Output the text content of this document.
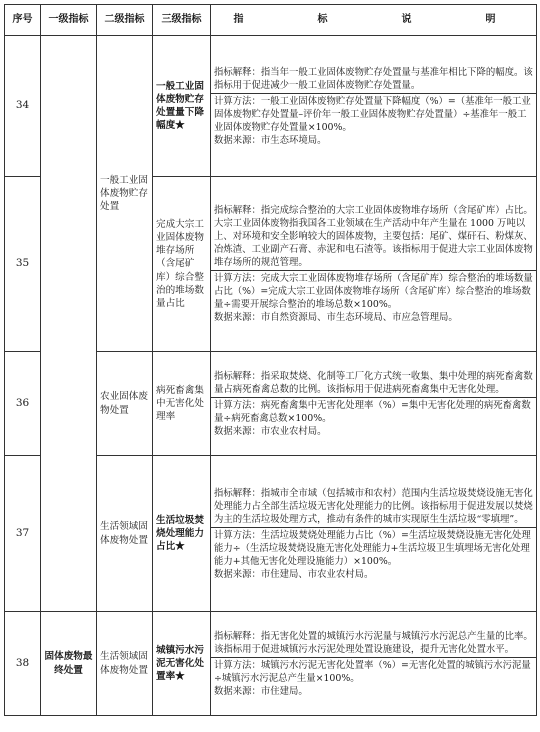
序号	一级指标	二级指标	三级指标	指　　标　　说　　明
34		一般工业固体废物贮存处置	一般工业固体废物贮存处置量下降幅度★	指标解释：指当年一般工业固体废物贮存处置量与基准年相比下降的幅度。该指标用于促进减少一般工业固体废物贮存处置量。
计算方法：一般工业固体废物贮存处置量下降幅度（%）=（基准年一般工业固体废物贮存处置量–评价年一般工业固体废物贮存处置量）÷基准年一般工业固体废物贮存处置量×100%。
数据来源：市生态环境局。

35			完成大宗工业固体废物堆存场所（含尾矿库）综合整治的堆场数量占比	指标解释：指完成综合整治的大宗工业固体废物堆存场所（含尾矿库）占比。大宗工业固体废物指我国各工业领域在生产活动中年产生量在 1000 万吨以上、对环境和安全影响较大的固体废物，主要包括：尾矿、煤矸石、粉煤灰、冶炼渣、工业副产石膏、赤泥和电石渣等。该指标用于促进大宗工业固体废物堆存场所的规范管理。
计算方法：完成大宗工业固体废物堆存场所（含尾矿库）综合整治的堆场数量占比（%）=完成大宗工业固体废物堆存场所（含尾矿库）综合整治的堆场数量÷需要开展综合整治的堆场总数×100%。
数据来源：市自然资源局、市生态环境局、市应急管理局。

36		农业固体废物处置	病死畜禽集中无害化处理率	指标解释：指采取焚烧、化制等工厂化方式统一收集、集中处理的病死畜禽数量占病死畜禽总数的比例。该指标用于促进病死畜禽集中无害化处理。
计算方法：病死畜禽集中无害化处理率（%）=集中无害化处理的病死畜禽数量÷病死畜禽总数×100%。
数据来源：市农业农村局。

37		生活领域固体废物处置	生活垃圾焚烧处理能力占比★	指标解释：指城市全市域（包括城市和农村）范围内生活垃圾焚烧设施无害化处理能力占全部生活垃圾无害化处理能力的比例。该指标用于促进发展以焚烧为主的生活垃圾处理方式，推动有条件的城市实现原生生活垃圾“零填埋”。
计算方法：生活垃圾焚烧处理能力占比（%）=生活垃圾焚烧设施无害化处理能力÷（生活垃圾焚烧设施无害化处理能力+生活垃圾卫生填埋场无害化处理能力+其他无害化处理设施能力）×100%。
数据来源：市住建局、市农业农村局。

38	固体废物最终处置	生活领域固体废物处置	城镇污水污泥无害化处置率★	指标解释：指无害化处置的城镇污水污泥量与城镇污水污泥总产生量的比率。该指标用于促进城镇污水污泥处理处置设施建设，提升无害化处置水平。
计算方法：城镇污水污泥无害化处置率（%）=无害化处置的城镇污水污泥量÷城镇污水污泥总产生量×100%。
数据来源：市住建局。
